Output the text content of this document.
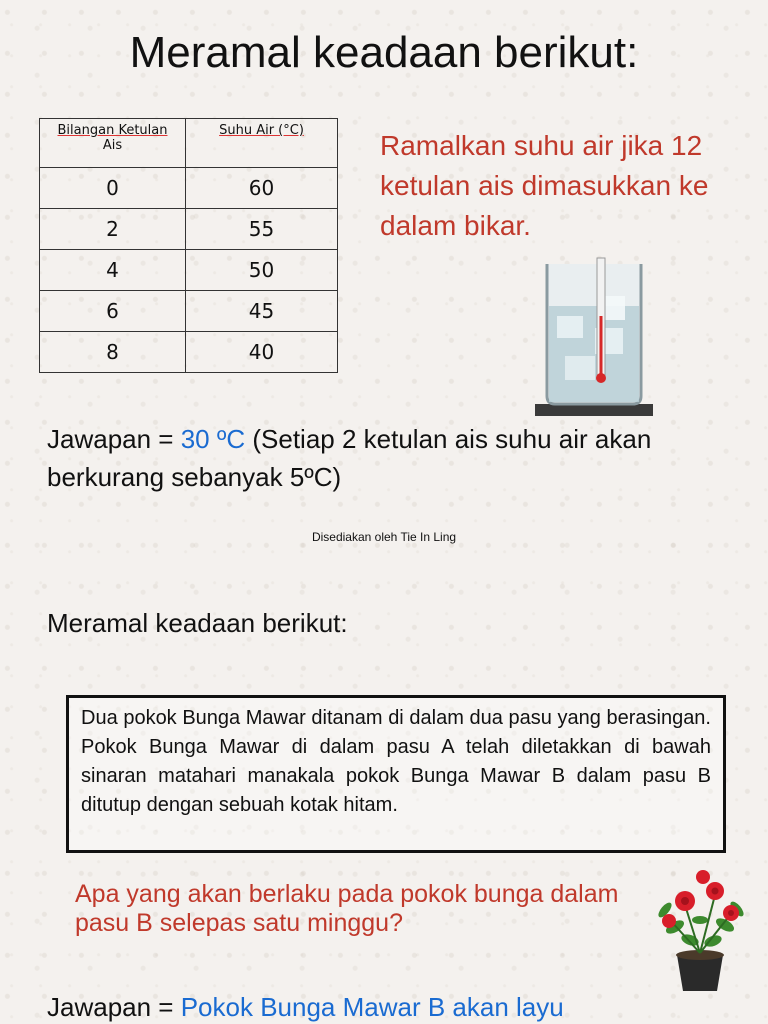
Meramal keadaan berikut:
Bilangan Ketulan
Ais	Suhu Air (°C)
0	60
2	55
4	50
6	45
8	40
Ramalkan suhu air jika 12 ketulan ais dimasukkan ke dalam bikar.
Jawapan = 30 ºC (Setiap 2 ketulan ais suhu air akan berkurang sebanyak 5ºC)
Disediakan oleh Tie In Ling
Meramal keadaan berikut:
Dua pokok Bunga Mawar ditanam di dalam dua pasu yang berasingan. Pokok Bunga Mawar di dalam pasu A telah diletakkan di bawah sinaran matahari manakala pokok Bunga Mawar B dalam pasu B ditutup dengan sebuah kotak hitam.
Apa yang akan berlaku pada pokok bunga dalam pasu B selepas satu minggu?
Jawapan = Pokok Bunga Mawar B akan layu
